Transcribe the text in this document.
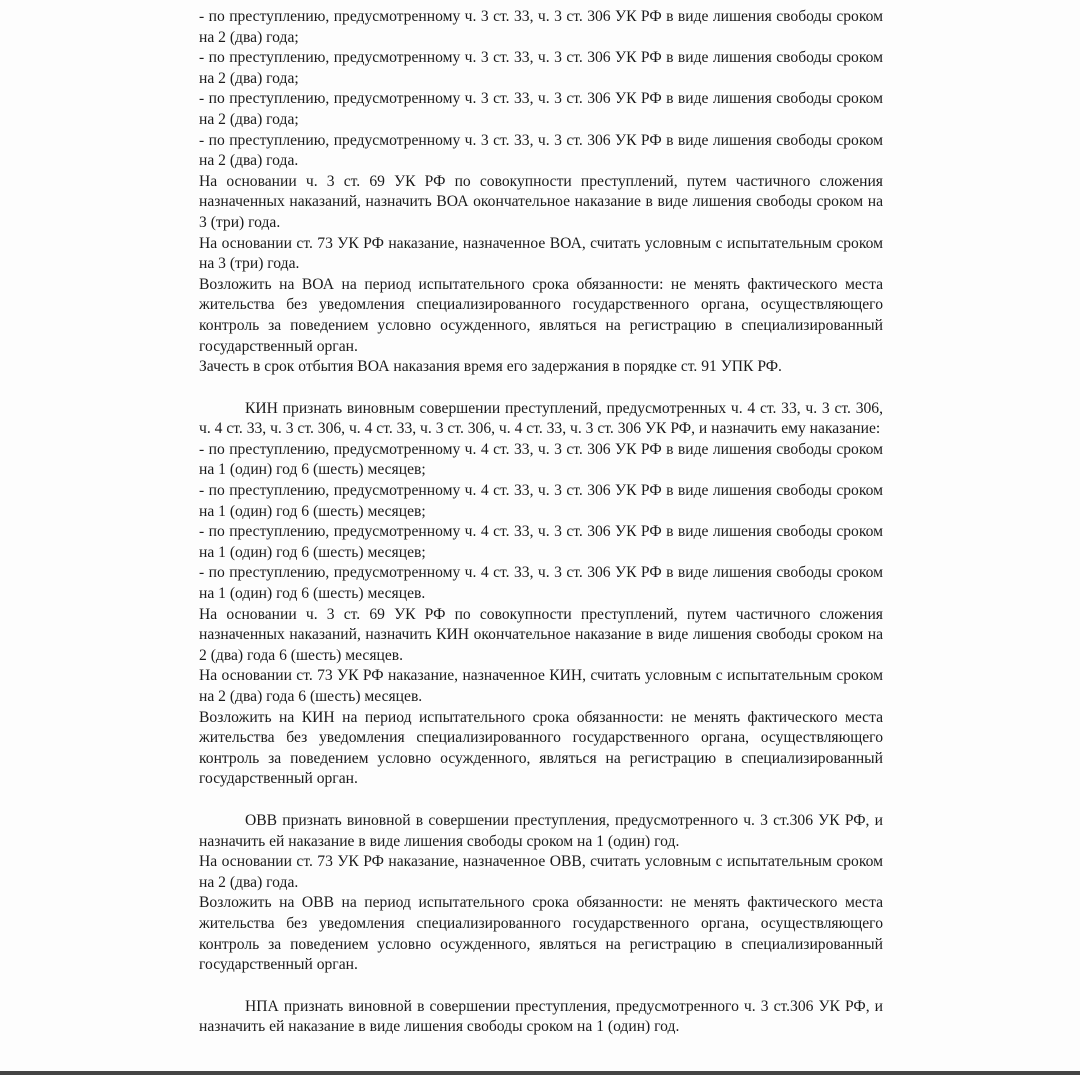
- по преступлению, предусмотренному ч. 3 ст. 33, ч. 3 ст. 306 УК РФ в виде лишения свободы сроком на 2 (два) года;

- по преступлению, предусмотренному ч. 3 ст. 33, ч. 3 ст. 306 УК РФ в виде лишения свободы сроком на 2 (два) года;

- по преступлению, предусмотренному ч. 3 ст. 33, ч. 3 ст. 306 УК РФ в виде лишения свободы сроком на 2 (два) года;

- по преступлению, предусмотренному ч. 3 ст. 33, ч. 3 ст. 306 УК РФ в виде лишения свободы сроком на 2 (два) года.

На основании ч. 3 ст. 69 УК РФ по совокупности преступлений, путем частичного сложения назначенных наказаний, назначить ВОА окончательное наказание в виде лишения свободы сроком на 3 (три) года.

На основании ст. 73 УК РФ наказание, назначенное ВОА, считать условным с испытательным сроком на 3 (три) года.

Возложить на ВОА на период испытательного срока обязанности: не менять фактического места жительства без уведомления специализированного государственного органа, осуществляющего контроль за поведением условно осужденного, являться на регистрацию в специализированный государственный орган.

Зачесть в срок отбытия ВОА наказания время его задержания в порядке ст. 91 УПК РФ.

КИН признать виновным совершении преступлений, предусмотренных ч. 4 ст. 33, ч. 3 ст. 306, ч. 4 ст. 33, ч. 3 ст. 306, ч. 4 ст. 33, ч. 3 ст. 306, ч. 4 ст. 33, ч. 3 ст. 306 УК РФ, и назначить ему наказание:

- по преступлению, предусмотренному ч. 4 ст. 33, ч. 3 ст. 306 УК РФ в виде лишения свободы сроком на 1 (один) год 6 (шесть) месяцев;

- по преступлению, предусмотренному ч. 4 ст. 33, ч. 3 ст. 306 УК РФ в виде лишения свободы сроком на 1 (один) год 6 (шесть) месяцев;

- по преступлению, предусмотренному ч. 4 ст. 33, ч. 3 ст. 306 УК РФ в виде лишения свободы сроком на 1 (один) год 6 (шесть) месяцев;

- по преступлению, предусмотренному ч. 4 ст. 33, ч. 3 ст. 306 УК РФ в виде лишения свободы сроком на 1 (один) год 6 (шесть) месяцев.

На основании ч. 3 ст. 69 УК РФ по совокупности преступлений, путем частичного сложения назначенных наказаний, назначить КИН окончательное наказание в виде лишения свободы сроком на 2 (два) года 6 (шесть) месяцев.

На основании ст. 73 УК РФ наказание, назначенное КИН, считать условным с испытательным сроком на 2 (два) года 6 (шесть) месяцев.

Возложить на КИН на период испытательного срока обязанности: не менять фактического места жительства без уведомления специализированного государственного органа, осуществляющего контроль за поведением условно осужденного, являться на регистрацию в специализированный государственный орган.

ОВВ признать виновной в совершении преступления, предусмотренного ч. 3 ст.306 УК РФ, и назначить ей наказание в виде лишения свободы сроком на 1 (один) год.

На основании ст. 73 УК РФ наказание, назначенное ОВВ, считать условным с испытательным сроком на 2 (два) года.

Возложить на ОВВ на период испытательного срока обязанности: не менять фактического места жительства без уведомления специализированного государственного органа, осуществляющего контроль за поведением условно осужденного, являться на регистрацию в специализированный государственный орган.

НПА признать виновной в совершении преступления, предусмотренного ч. 3 ст.306 УК РФ, и назначить ей наказание в виде лишения свободы сроком на 1 (один) год.
